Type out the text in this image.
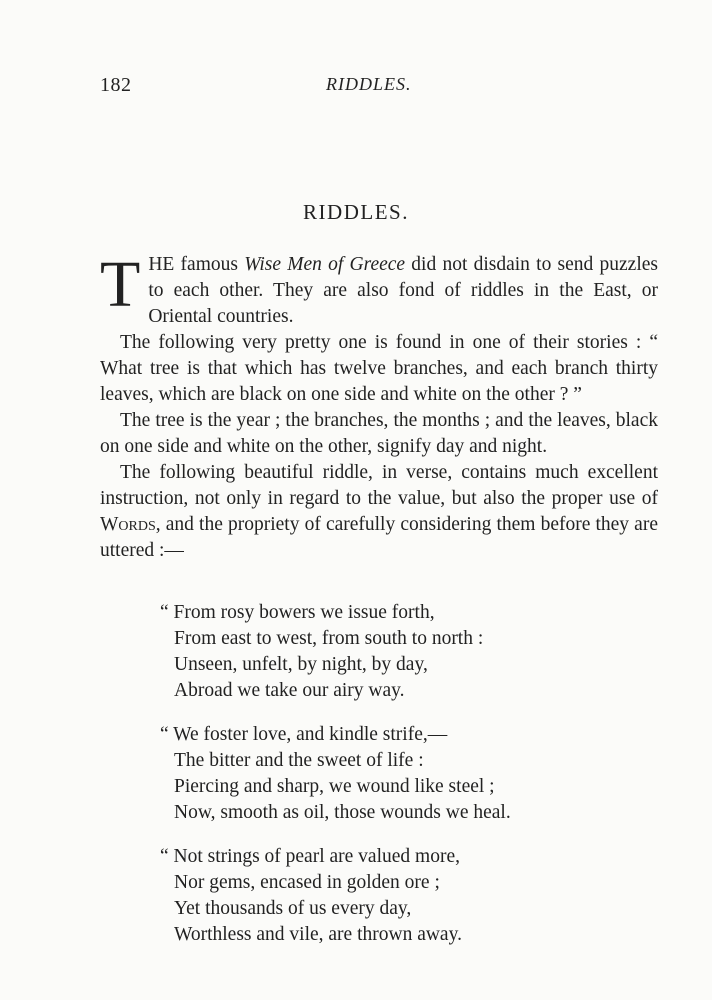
182	RIDDLES.
RIDDLES.

THE famous Wise Men of Greece did not disdain to send puzzles to each other. They are also fond of riddles in the East, or Oriental countries.

The following very pretty one is found in one of their stories : “ What tree is that which has twelve branches, and each branch thirty leaves, which are black on one side and white on the other ? ”

The tree is the year ; the branches, the months ; and the leaves, black on one side and white on the other, signify day and night.

The following beautiful riddle, in verse, contains much excellent instruction, not only in regard to the value, but also the proper use of Words, and the propriety of carefully considering them before they are uttered :—

“ From rosy bowers we issue forth,
From east to west, from south to north :
Unseen, unfelt, by night, by day,
Abroad we take our airy way.
“ We foster love, and kindle strife,—
The bitter and the sweet of life :
Piercing and sharp, we wound like steel ;
Now, smooth as oil, those wounds we heal.
“ Not strings of pearl are valued more,
Nor gems, encased in golden ore ;
Yet thousands of us every day,
Worthless and vile, are thrown away.
